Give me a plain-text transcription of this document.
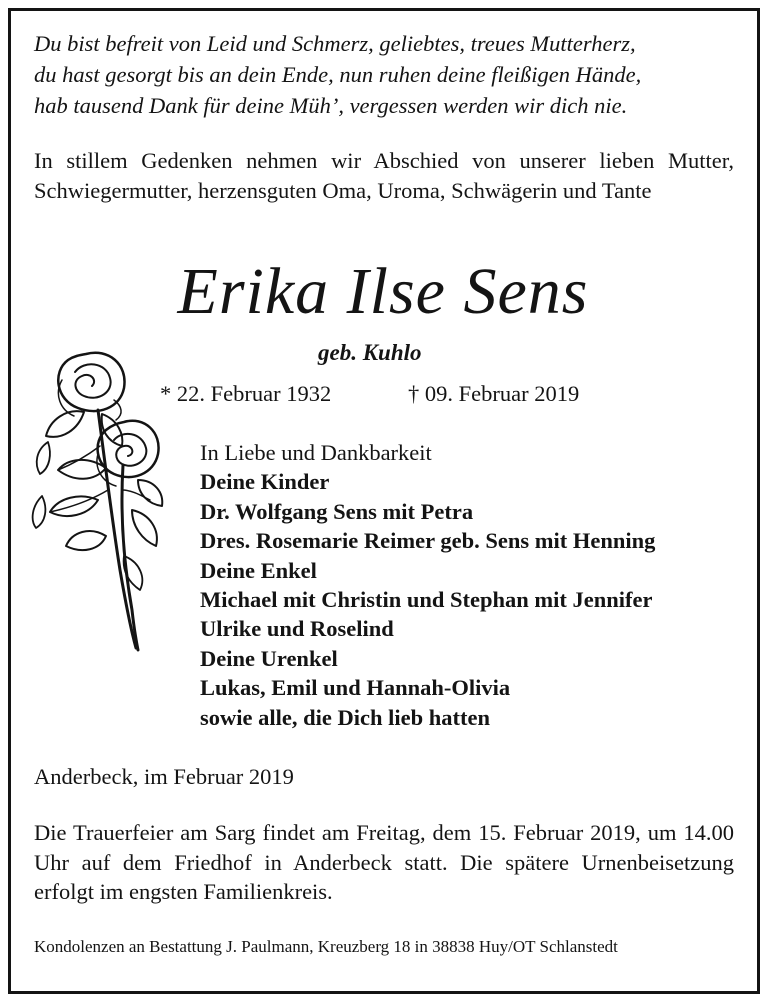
Du bist befreit von Leid und Schmerz, geliebtes, treues Mutterherz,
du hast gesorgt bis an dein Ende, nun ruhen deine fleißigen Hände,
hab tausend Dank für deine Müh’, vergessen werden wir dich nie.

In stillem Gedenken nehmen wir Abschied von unserer lieben Mutter, Schwiegermutter, herzensguten Oma, Uroma, Schwägerin und Tante

Erika Ilse Sens
geb. Kuhlo
* 22. Februar 1932	† 09. Februar 2019
In Liebe und Dankbarkeit
Deine Kinder
Dr. Wolfgang Sens mit Petra
Dres. Rosemarie Reimer geb. Sens mit Henning
Deine Enkel
Michael mit Christin und Stephan mit Jennifer
Ulrike und Roselind
Deine Urenkel
Lukas, Emil und Hannah-Olivia
sowie alle, die Dich lieb hatten
Anderbeck, im Februar 2019

Die Trauerfeier am Sarg findet am Freitag, dem 15. Februar 2019, um 14.00 Uhr auf dem Friedhof in Anderbeck statt. Die spätere Urnenbeisetzung erfolgt im engsten Familienkreis.

Kondolenzen an Bestattung J. Paulmann, Kreuzberg 18 in 38838 Huy/OT Schlanstedt
